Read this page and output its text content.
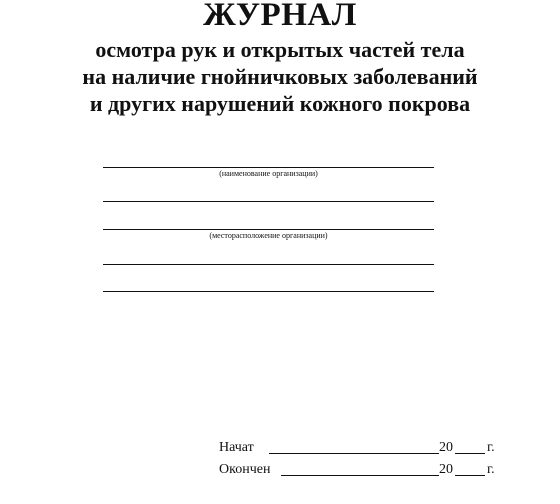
ЖУРНАЛ
осмотра рук и открытых частей тела
на наличие гнойничковых заболеваний
и других нарушений кожного покрова
(наименование организации)
(месторасположение организации)
Начат	20 г.
Окончен	20 г.
